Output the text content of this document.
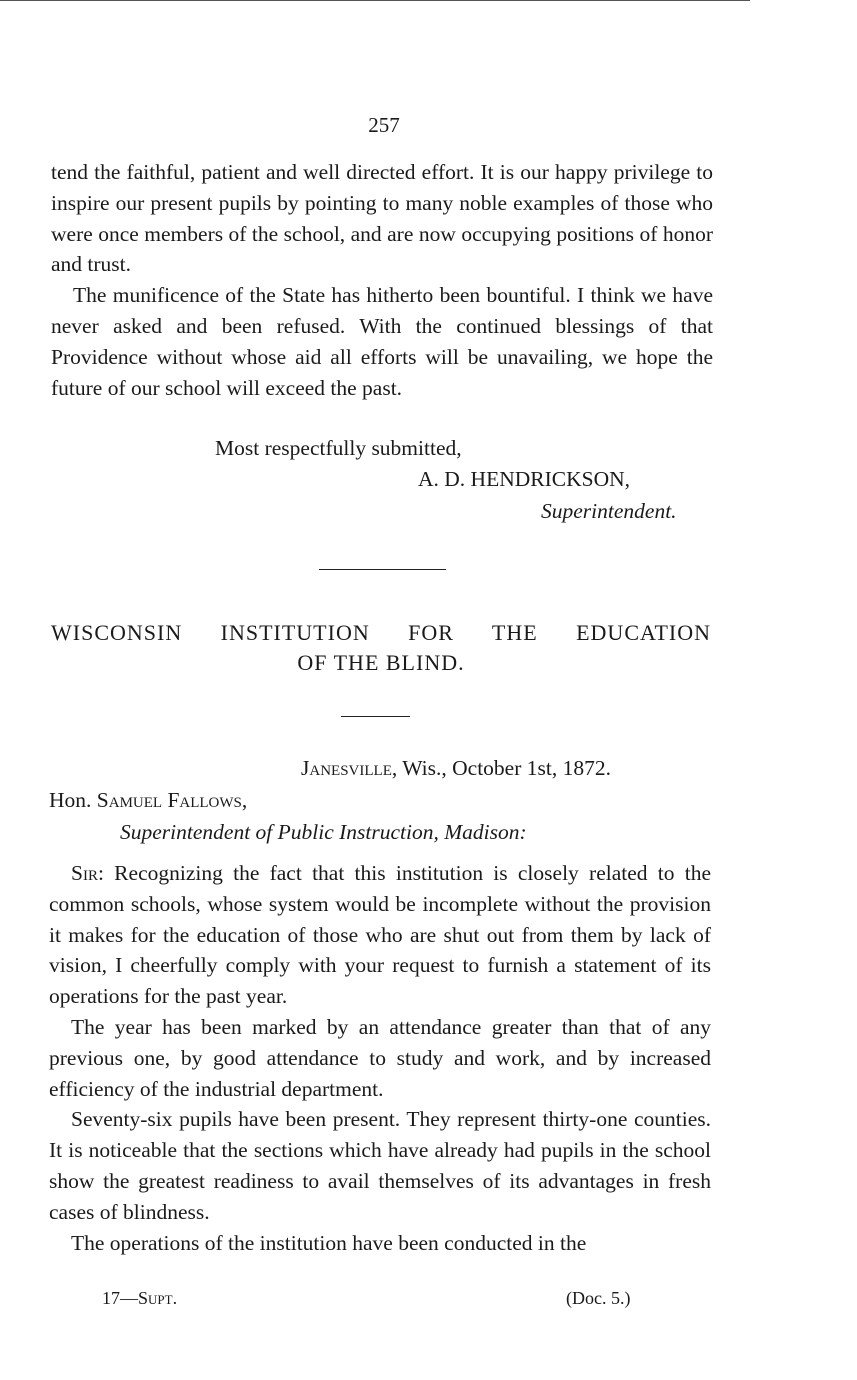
257

tend the faithful, patient and well directed effort. It is our happy privilege to inspire our present pupils by pointing to many noble examples of those who were once members of the school, and are now occupying positions of honor and trust.

The munificence of the State has hitherto been bountiful. I think we have never asked and been refused. With the continued blessings of that Providence without whose aid all efforts will be unavailing, we hope the future of our school will exceed the past.

Most respectfully submitted,
A. D. HENDRICKSON,
Superintendent.
WISCONSIN INSTITUTION FOR THE EDUCATION
OF THE BLIND.
Janesville, Wis., October 1st, 1872.
Hon. Samuel Fallows,
Superintendent of Public Instruction, Madison:

Sir: Recognizing the fact that this institution is closely related to the common schools, whose system would be incomplete without the provision it makes for the education of those who are shut out from them by lack of vision, I cheerfully comply with your request to furnish a statement of its operations for the past year.

The year has been marked by an attendance greater than that of any previous one, by good attendance to study and work, and by increased efficiency of the industrial department.

Seventy-six pupils have been present. They represent thirty-one counties. It is noticeable that the sections which have already had pupils in the school show the greatest readiness to avail themselves of its advantages in fresh cases of blindness.

The operations of the institution have been conducted in the

17—Supt.	(Doc. 5.)
